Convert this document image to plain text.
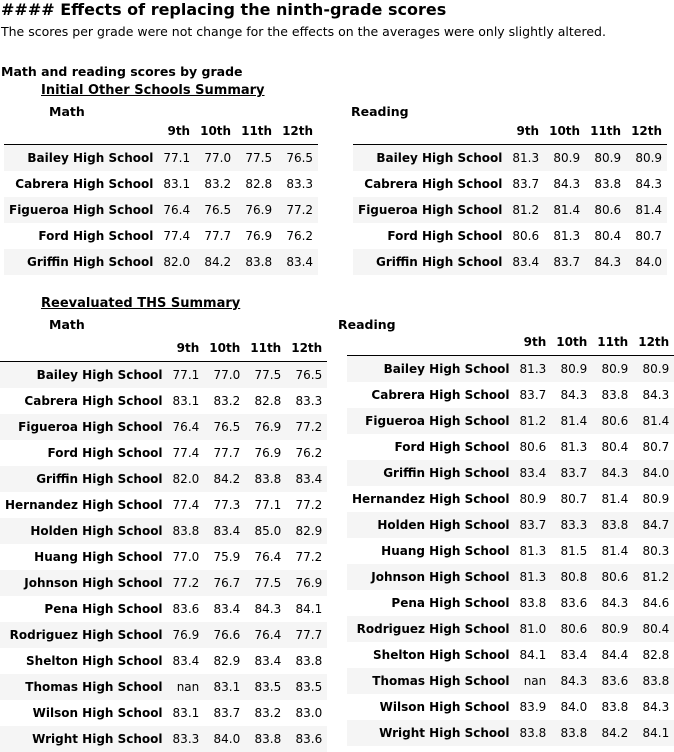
#### Effects of replacing the ninth-grade scores
The scores per grade were not change for the effects on the averages were only slightly altered.
Math and reading scores by grade
Initial Other Schools Summary
Math	Reading
	9th	10th	11th	12th
Bailey High School	77.1	77.0	77.5	76.5
Cabrera High School	83.1	83.2	82.8	83.3
Figueroa High School	76.4	76.5	76.9	77.2
Ford High School	77.4	77.7	76.9	76.2
Griffin High School	82.0	84.2	83.8	83.4
	9th	10th	11th	12th
Bailey High School	81.3	80.9	80.9	80.9
Cabrera High School	83.7	84.3	83.8	84.3
Figueroa High School	81.2	81.4	80.6	81.4
Ford High School	80.6	81.3	80.4	80.7
Griffin High School	83.4	83.7	84.3	84.0
Reevaluated THS Summary
Math	Reading
	9th	10th	11th	12th
Bailey High School	77.1	77.0	77.5	76.5
Cabrera High School	83.1	83.2	82.8	83.3
Figueroa High School	76.4	76.5	76.9	77.2
Ford High School	77.4	77.7	76.9	76.2
Griffin High School	82.0	84.2	83.8	83.4
Hernandez High School	77.4	77.3	77.1	77.2
Holden High School	83.8	83.4	85.0	82.9
Huang High School	77.0	75.9	76.4	77.2
Johnson High School	77.2	76.7	77.5	76.9
Pena High School	83.6	83.4	84.3	84.1
Rodriguez High School	76.9	76.6	76.4	77.7
Shelton High School	83.4	82.9	83.4	83.8
Thomas High School	nan	83.1	83.5	83.5
Wilson High School	83.1	83.7	83.2	83.0
Wright High School	83.3	84.0	83.8	83.6
	9th	10th	11th	12th
Bailey High School	81.3	80.9	80.9	80.9
Cabrera High School	83.7	84.3	83.8	84.3
Figueroa High School	81.2	81.4	80.6	81.4
Ford High School	80.6	81.3	80.4	80.7
Griffin High School	83.4	83.7	84.3	84.0
Hernandez High School	80.9	80.7	81.4	80.9
Holden High School	83.7	83.3	83.8	84.7
Huang High School	81.3	81.5	81.4	80.3
Johnson High School	81.3	80.8	80.6	81.2
Pena High School	83.8	83.6	84.3	84.6
Rodriguez High School	81.0	80.6	80.9	80.4
Shelton High School	84.1	83.4	84.4	82.8
Thomas High School	nan	84.3	83.6	83.8
Wilson High School	83.9	84.0	83.8	84.3
Wright High School	83.8	83.8	84.2	84.1
